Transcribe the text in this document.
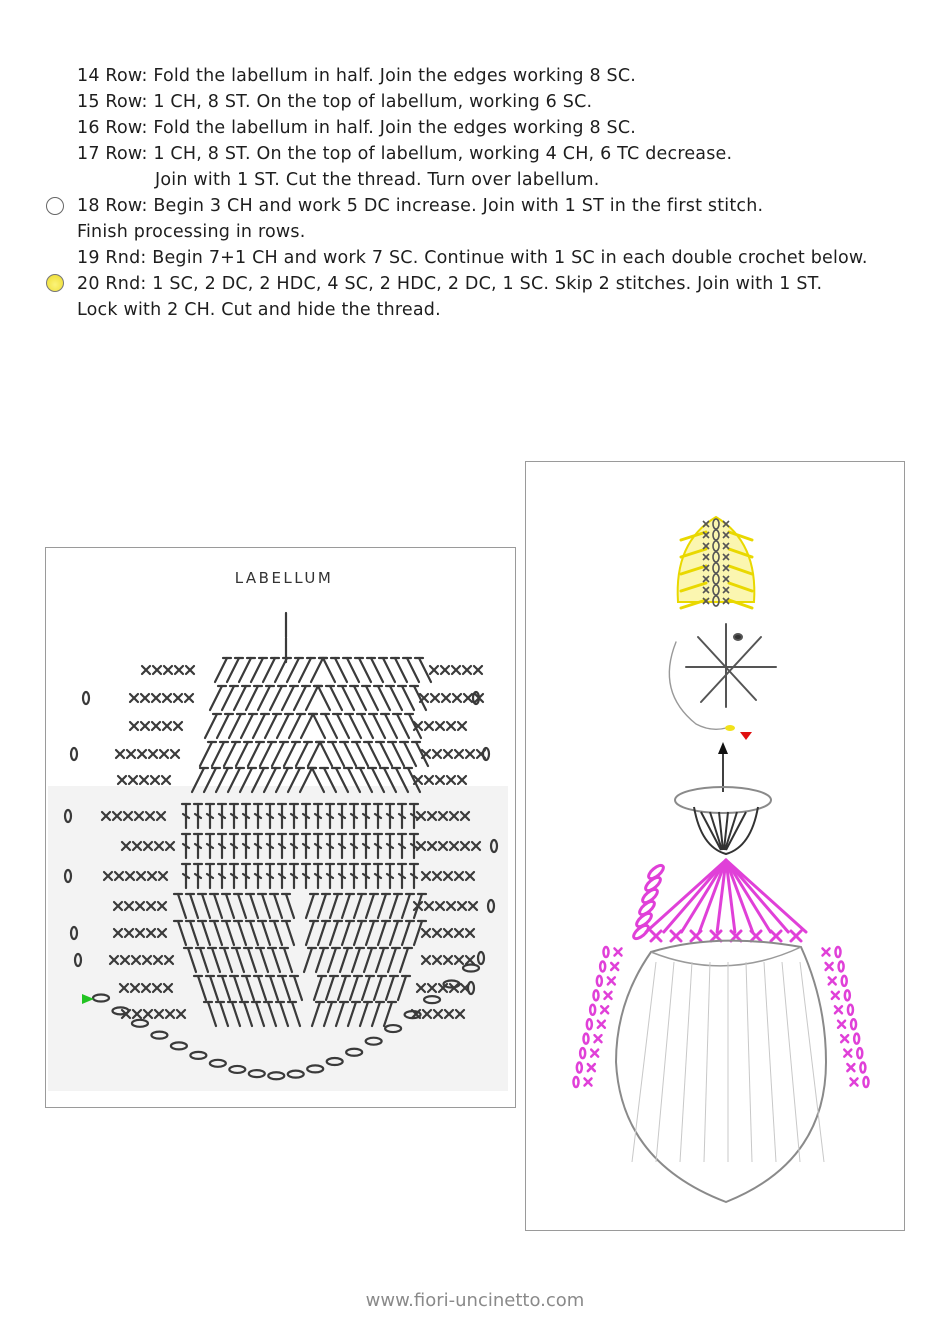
14 Row: Fold the labellum in half. Join the edges working 8 SC.
15 Row: 1 CH, 8 ST. On the top of labellum, working 6 SC.
16 Row: Fold the labellum in half. Join the edges working 8 SC.
17 Row: 1 CH, 8 ST. On the top of labellum, working 4 CH, 6 TC decrease.
Join with 1 ST. Cut the thread. Turn over labellum.
18 Row: Begin 3 CH and work 5 DC increase. Join with 1 ST in the first stitch.
Finish processing in rows.
19 Rnd: Begin 7+1 CH and work 7 SC. Continue with 1 SC in each double crochet below.
20 Rnd: 1 SC, 2 DC, 2 HDC, 4 SC, 2 HDC, 2 DC, 1 SC. Skip 2 stitches. Join with 1 ST.
Lock with 2 CH. Cut and hide the thread.
LABELLUM
www.fiori-uncinetto.com
